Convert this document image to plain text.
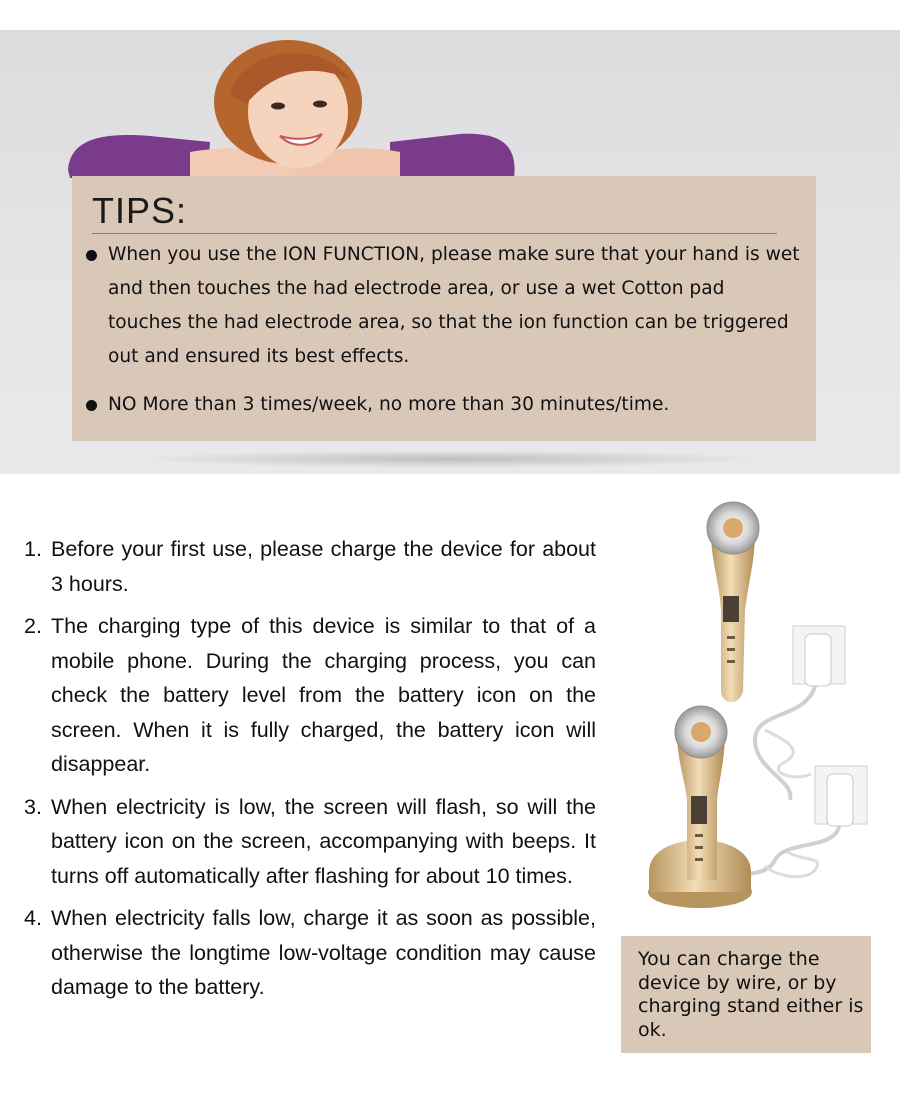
TIPS:

When you use the ION FUNCTION, please make sure that your hand is wet and then touches the had electrode area, or use a wet Cotton pad touches the had electrode area, so that the ion function can be triggered out and ensured its best effects.

NO More than 3 times/week, no more than 30 minutes/time.

1. Before your first use, please charge the device for about 3 hours.
2. The charging type of this device is similar to that of a mobile phone. During the charging process, you can check the battery level from the battery icon on the screen. When it is fully charged, the battery icon will disappear.
3. When electricity is low, the screen will flash, so will the battery icon on the screen, accompanying with beeps. It turns off automatically after flashing for about 10 times.
4. When electricity falls low, charge it as soon as possible, otherwise the longtime low-voltage condition may cause damage to the battery.

You can charge the device by wire, or by charging stand either is ok.
